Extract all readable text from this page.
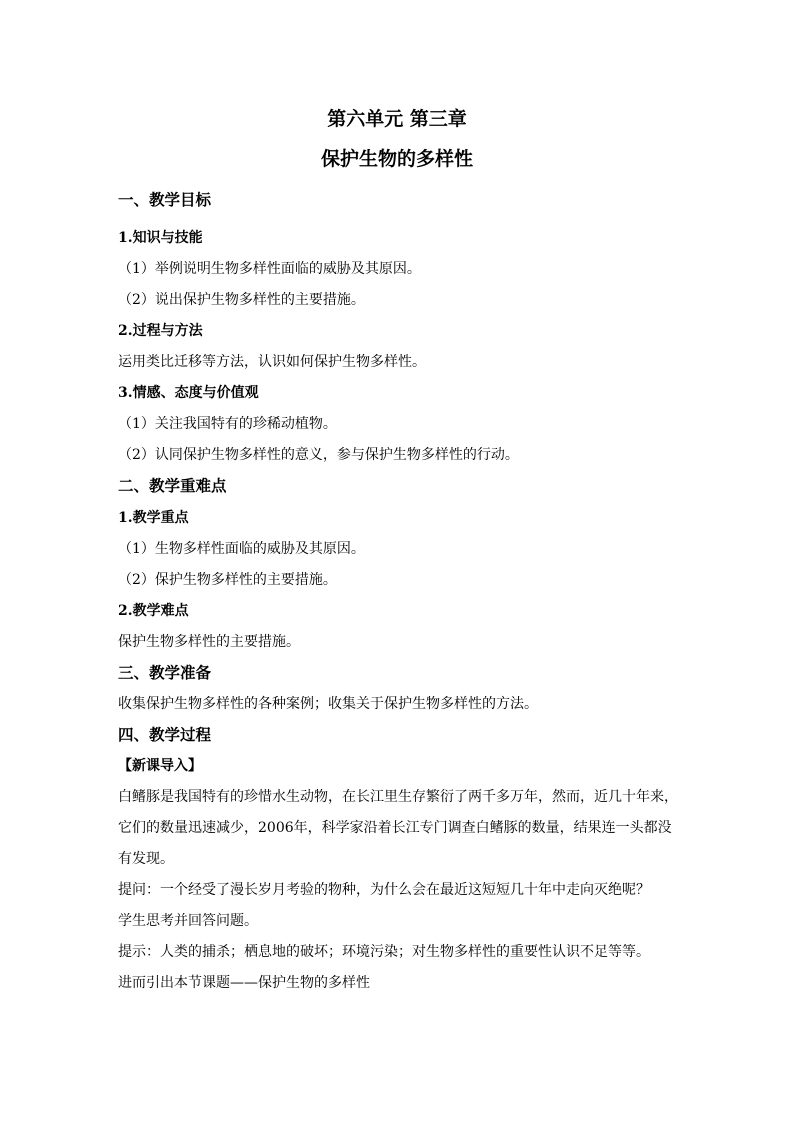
第六单元 第三章
保护生物的多样性
一、教学目标
1.知识与技能
（1）举例说明生物多样性面临的威胁及其原因。
（2）说出保护生物多样性的主要措施。
2.过程与方法
运用类比迁移等方法，认识如何保护生物多样性。
3.情感、态度与价值观
（1）关注我国特有的珍稀动植物。
（2）认同保护生物多样性的意义，参与保护生物多样性的行动。
二、教学重难点
1.教学重点
（1）生物多样性面临的威胁及其原因。
（2）保护生物多样性的主要措施。
2.教学难点
保护生物多样性的主要措施。
三、教学准备
收集保护生物多样性的各种案例；收集关于保护生物多样性的方法。
四、教学过程
【新课导入】
白鳍豚是我国特有的珍惜水生动物，在长江里生存繁衍了两千多万年，然而，近几十年来，
它们的数量迅速减少，2006年，科学家沿着长江专门调查白鳍豚的数量，结果连一头都没
有发现。
提问：一个经受了漫长岁月考验的物种，为什么会在最近这短短几十年中走向灭绝呢？
学生思考并回答问题。
提示：人类的捕杀；栖息地的破坏；环境污染；对生物多样性的重要性认识不足等等。
进而引出本节课题——保护生物的多样性
